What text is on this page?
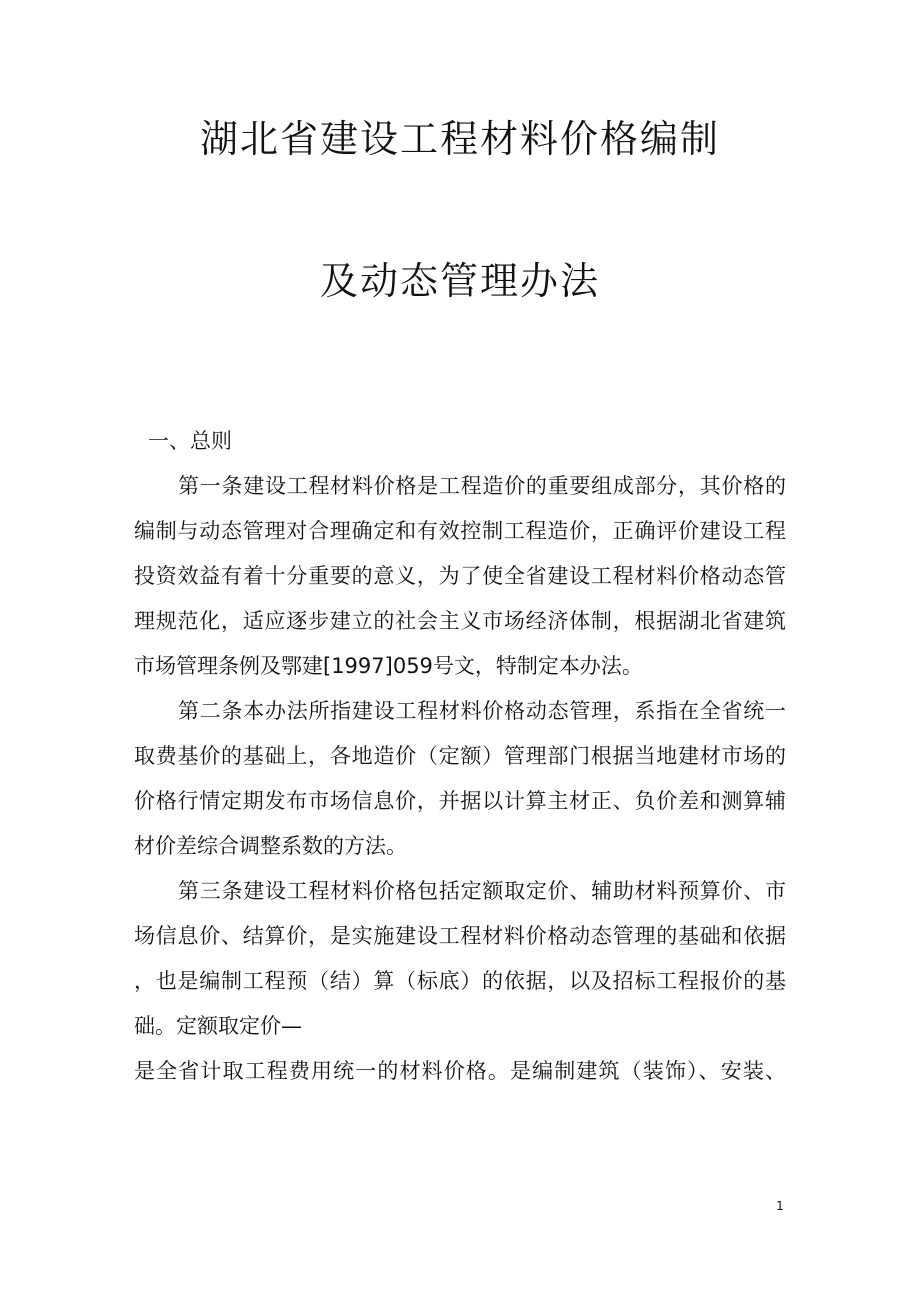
湖北省建设工程材料价格编制
及动态管理办法
一、总则
第一条建设工程材料价格是工程造价的重要组成部分，其价格的
编制与动态管理对合理确定和有效控制工程造价，正确评价建设工程
投资效益有着十分重要的意义，为了使全省建设工程材料价格动态管
理规范化，适应逐步建立的社会主义市场经济体制，根据湖北省建筑
市场管理条例及鄂建[1997]059号文，特制定本办法。
第二条本办法所指建设工程材料价格动态管理，系指在全省统一
取费基价的基础上，各地造价（定额）管理部门根据当地建材市场的
价格行情定期发布市场信息价，并据以计算主材正、负价差和测算辅
材价差综合调整系数的方法。
第三条建设工程材料价格包括定额取定价、辅助材料预算价、市
场信息价、结算价，是实施建设工程材料价格动态管理的基础和依据
，也是编制工程预（结）算（标底）的依据，以及招标工程报价的基
础。定额取定价—
是全省计取工程费用统一的材料价格。是编制建筑（装饰）、安装、
1
